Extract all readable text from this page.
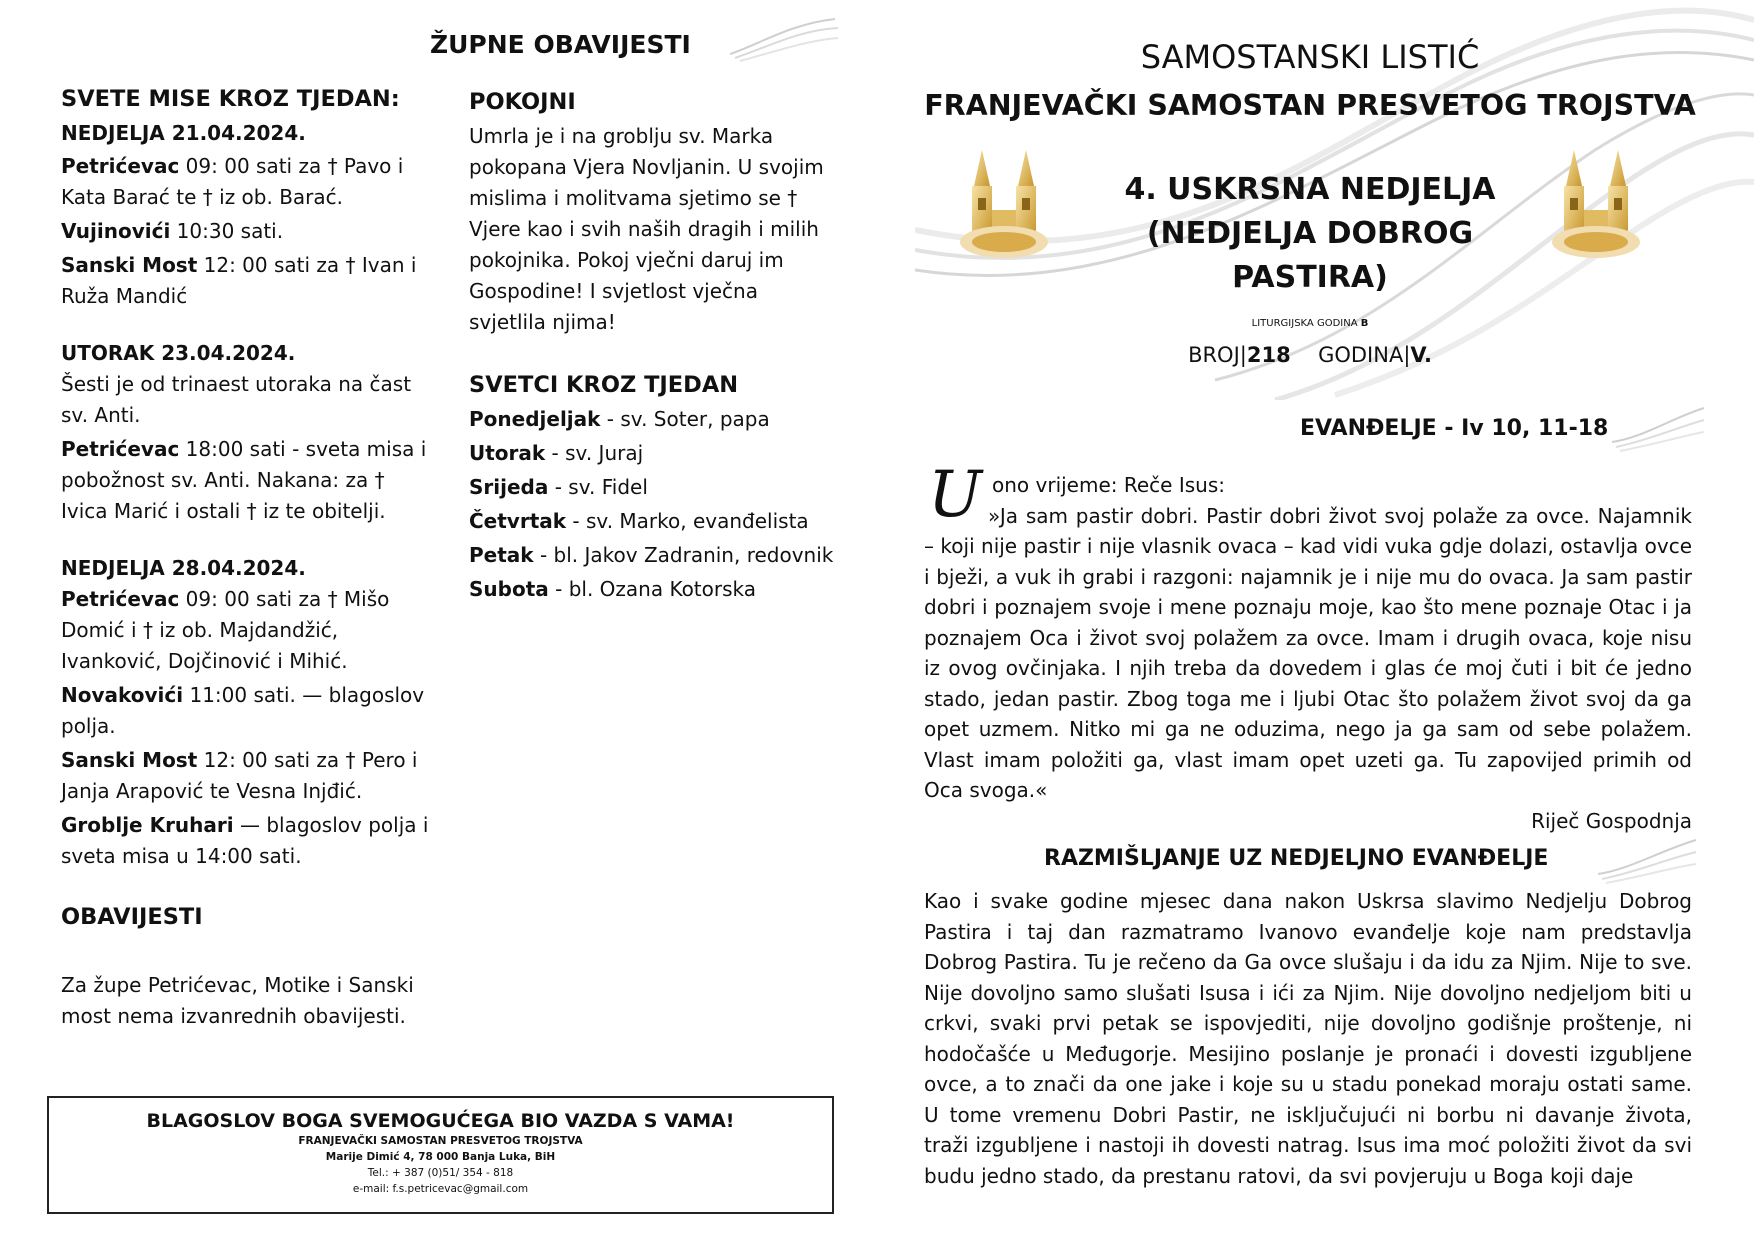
ŽUPNE OBAVIJESTI
SVETE MISE KROZ TJEDAN:

NEDJELJA 21.04.2024.

Petrićevac 09: 00 sati za † Pavo i Kata Barać te † iz ob. Barać.

Vujinovići 10:30 sati.

Sanski Most 12: 00 sati za † Ivan i Ruža Mandić

UTORAK 23.04.2024.

Šesti je od trinaest utoraka na čast sv. Anti.

Petrićevac 18:00 sati - sveta misa i pobožnost sv. Anti. Nakana: za † Ivica Marić i ostali † iz te obitelji.

NEDJELJA 28.04.2024.

Petrićevac 09: 00 sati za † Mišo Domić i † iz ob. Majdandžić, Ivanković, Dojčinović i Mihić.

Novakovići 11:00 sati. — blagoslov polja.

Sanski Most 12: 00 sati za † Pero i Janja Arapović te Vesna Injđić.

Groblje Kruhari — blagoslov polja i sveta misa u 14:00 sati.

OBAVIJESTI

Za župe Petrićevac, Motike i Sanski most nema izvanrednih obavijesti.

POKOJNI

Umrla je i na groblju sv. Marka pokopana Vjera Novljanin. U svojim mislima i molitvama sjetimo se † Vjere kao i svih naših dragih i milih pokojnika. Pokoj vječni daruj im Gospodine! I svjetlost vječna svjetlila njima!

SVETCI KROZ TJEDAN

Ponedjeljak - sv. Soter, papa

Utorak - sv. Juraj

Srijeda - sv. Fidel

Četvrtak - sv. Marko, evanđelista

Petak - bl. Jakov Zadranin, redovnik

Subota - bl. Ozana Kotorska

BLAGOSLOV BOGA SVEMOGUĆEGA BIO VAZDA S VAMA!
FRANJEVAČKI SAMOSTAN PRESVETOG TROJSTVA
Marije Dimić 4, 78 000 Banja Luka, BiH
Tel.: + 387 (0)51/ 354 - 818
e-mail: f.s.petricevac@gmail.com
SAMOSTANSKI LISTIĆ
FRANJEVAČKI SAMOSTAN PRESVETOG TROJSTVA
4. USKRSNA NEDJELJA
(NEDJELJA DOBROG
PASTIRA)
LITURGIJSKA GODINA B
BROJ|218 GODINA|V.
EVANĐELJE - Iv 10, 11-18
U ono vrijeme: Reče Isus:
»Ja sam pastir dobri. Pastir dobri život svoj polaže za ovce. Najamnik – koji nije pastir i nije vlasnik ovaca – kad vidi vuka gdje dolazi, ostavlja ovce i bježi, a vuk ih grabi i razgoni: najamnik je i nije mu do ovaca. Ja sam pastir dobri i poznajem svoje i mene poznaju moje, kao što mene poznaje Otac i ja poznajem Oca i život svoj polažem za ovce. Imam i drugih ovaca, koje nisu iz ovog ovčinjaka. I njih treba da dovedem i glas će moj čuti i bit će jedno stado, jedan pastir. Zbog toga me i ljubi Otac što polažem život svoj da ga opet uzmem. Nitko mi ga ne oduzima, nego ja ga sam od sebe polažem. Vlast imam položiti ga, vlast imam opet uzeti ga. Tu zapovijed primih od Oca svoga.«
Riječ Gospodnja
RAZMIŠLJANJE UZ NEDJELJNO EVANĐELJE
Kao i svake godine mjesec dana nakon Uskrsa slavimo Nedjelju Dobrog Pastira i taj dan razmatramo Ivanovo evanđelje koje nam predstavlja Dobrog Pastira. Tu je rečeno da Ga ovce slušaju i da idu za Njim. Nije to sve. Nije dovoljno samo slušati Isusa i ići za Njim. Nije dovoljno nedjeljom biti u crkvi, svaki prvi petak se ispovjediti, nije dovoljno godišnje proštenje, ni hodočašće u Međugorje. Mesijino poslanje je pronaći i dovesti izgubljene ovce, a to znači da one jake i koje su u stadu ponekad moraju ostati same. U tome vremenu Dobri Pastir, ne isključujući ni borbu ni davanje života, traži izgubljene i nastoji ih dovesti natrag. Isus ima moć položiti život da svi budu jedno stado, da prestanu ratovi, da svi povjeruju u Boga koji daje
